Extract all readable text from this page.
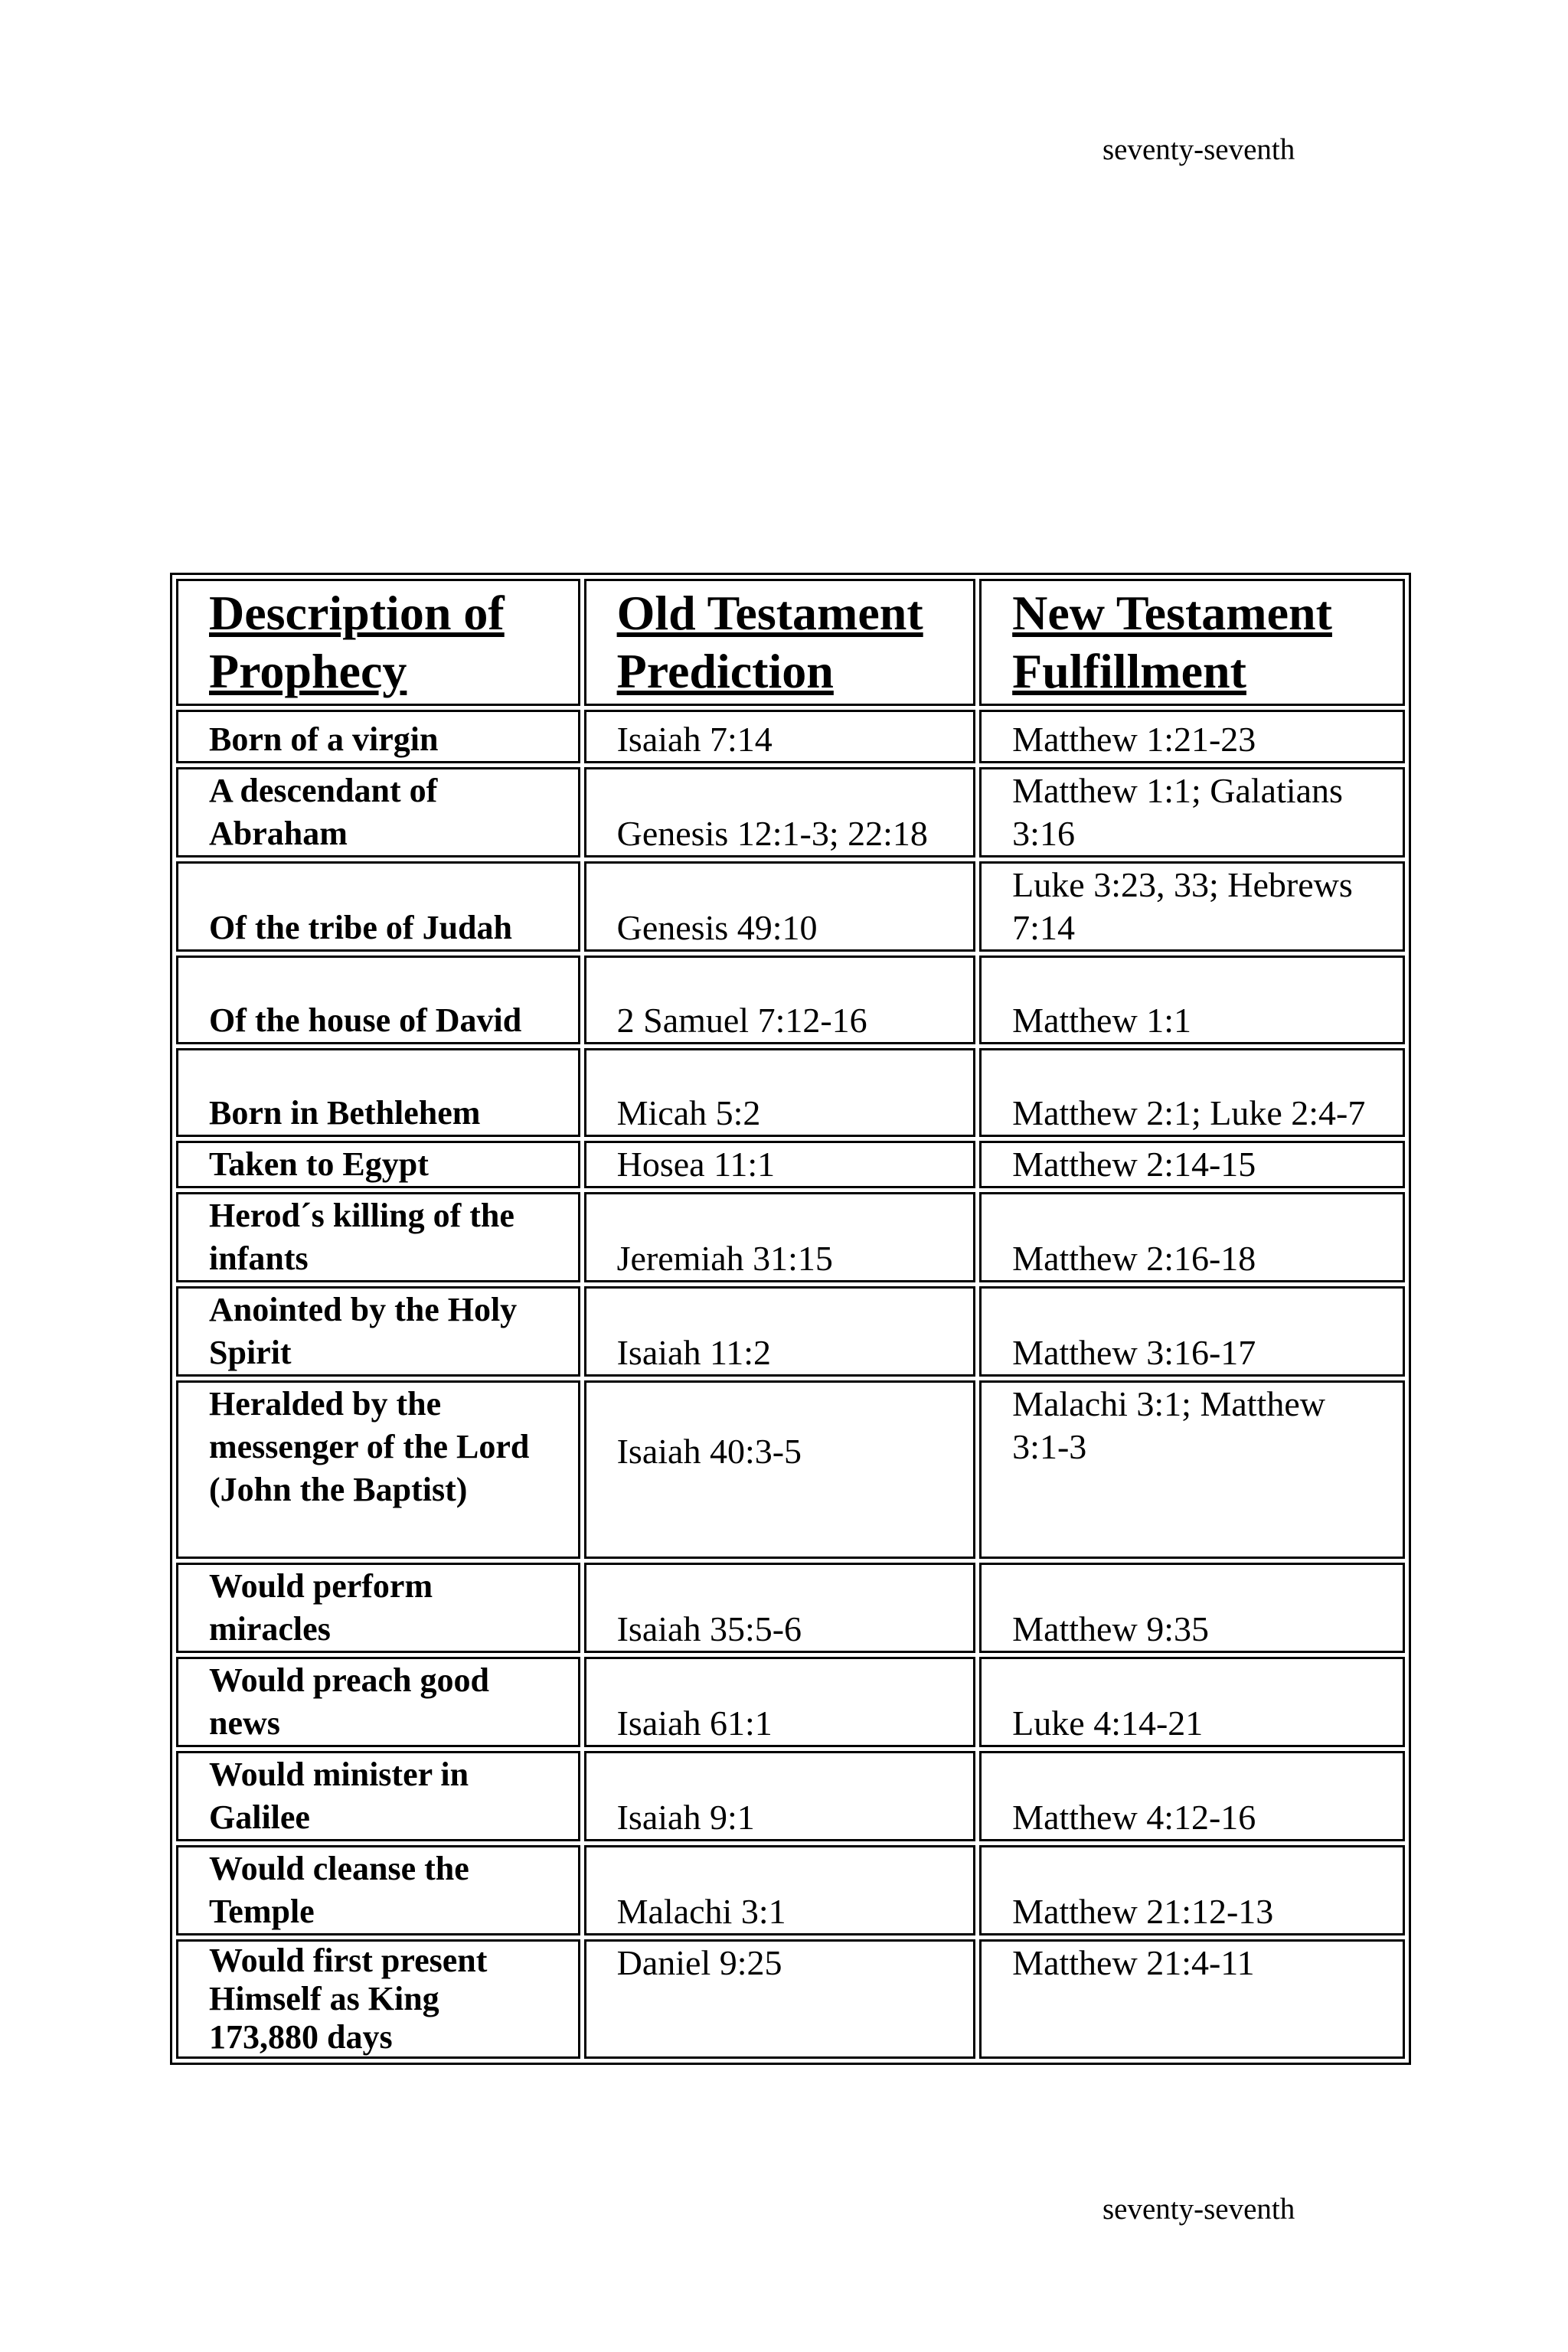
seventy-seventh
Description of Prophecy	Old Testament Prediction	New Testament Fulfillment
Born of a virgin	Isaiah 7:14	Matthew 1:21-23
A descendant of Abraham	Genesis 12:1-3; 22:18	Matthew 1:1; Galatians 3:16
Of the tribe of Judah	Genesis 49:10	Luke 3:23, 33; Hebrews 7:14
Of the house of David	2 Samuel 7:12-16	Matthew 1:1
Born in Bethlehem	Micah 5:2	Matthew 2:1; Luke 2:4-7
Taken to Egypt	Hosea 11:1	Matthew 2:14-15
Herod´s killing of the infants	Jeremiah 31:15	Matthew 2:16-18
Anointed by the Holy Spirit	Isaiah 11:2	Matthew 3:16-17
Heralded by the messenger of the Lord (John the Baptist)	Isaiah 40:3-5	Malachi 3:1; Matthew 3:1-3
Would perform miracles	Isaiah 35:5-6	Matthew 9:35
Would preach good news	Isaiah 61:1	Luke 4:14-21
Would minister in Galilee	Isaiah 9:1	Matthew 4:12-16
Would cleanse the Temple	Malachi 3:1	Matthew 21:12-13
Would first present Himself as King 173,880 days	Daniel 9:25	Matthew 21:4-11
seventy-seventh
